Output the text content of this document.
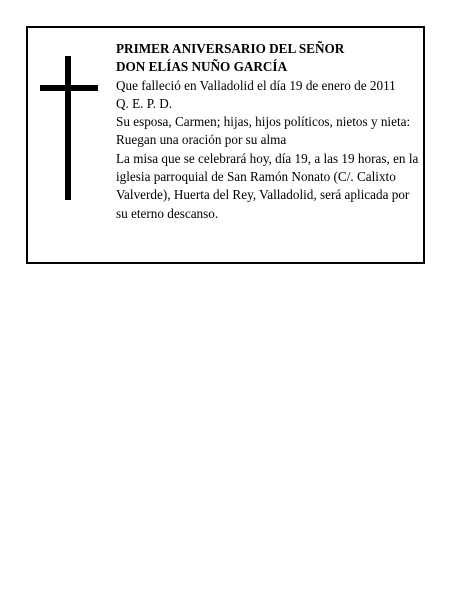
PRIMER ANIVERSARIO DEL SEÑOR
DON ELÍAS NUÑO GARCÍA
Que falleció en Valladolid el día 19 de enero de 2011
Q. E. P. D.
Su esposa, Carmen; hijas, hijos políticos, nietos y nieta:
Ruegan una oración por su alma
La misa que se celebrará hoy, día 19, a las 19 horas, en la iglesia parroquial de San Ramón Nonato (C/. Calixto Valverde), Huerta del Rey, Valladolid, será aplicada por su eterno descanso.
